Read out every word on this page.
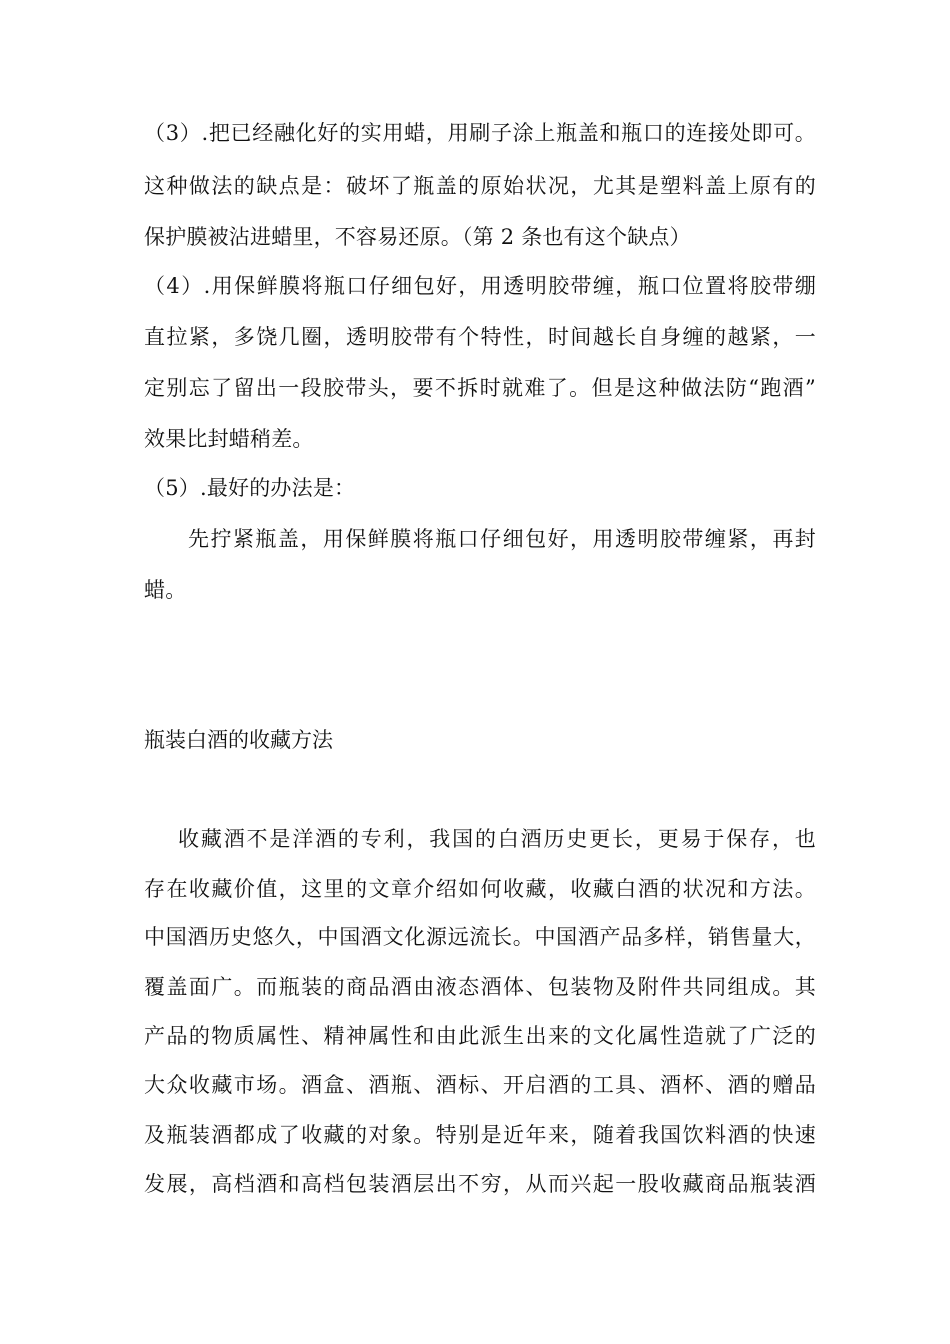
（3）.把已经融化好的实用蜡，用刷子涂上瓶盖和瓶口的连接处即可。
这种做法的缺点是：破坏了瓶盖的原始状况，尤其是塑料盖上原有的
保护膜被沾进蜡里，不容易还原。（第 2 条也有这个缺点）
（4）.用保鲜膜将瓶口仔细包好，用透明胶带缠，瓶口位置将胶带绷
直拉紧，多饶几圈，透明胶带有个特性，时间越长自身缠的越紧，一
定别忘了留出一段胶带头，要不拆时就难了。但是这种做法防“跑酒”
效果比封蜡稍差。
（5）.最好的办法是：
先拧紧瓶盖，用保鲜膜将瓶口仔细包好，用透明胶带缠紧，再封
蜡。
瓶装白酒的收藏方法
收藏酒不是洋酒的专利，我国的白酒历史更长，更易于保存，也
存在收藏价值，这里的文章介绍如何收藏，收藏白酒的状况和方法。
中国酒历史悠久，中国酒文化源远流长。中国酒产品多样，销售量大，
覆盖面广。而瓶装的商品酒由液态酒体、包装物及附件共同组成。其
产品的物质属性、精神属性和由此派生出来的文化属性造就了广泛的
大众收藏市场。酒盒、酒瓶、酒标、开启酒的工具、酒杯、酒的赠品
及瓶装酒都成了收藏的对象。特别是近年来，随着我国饮料酒的快速
发展，高档酒和高档包装酒层出不穷，从而兴起一股收藏商品瓶装酒
